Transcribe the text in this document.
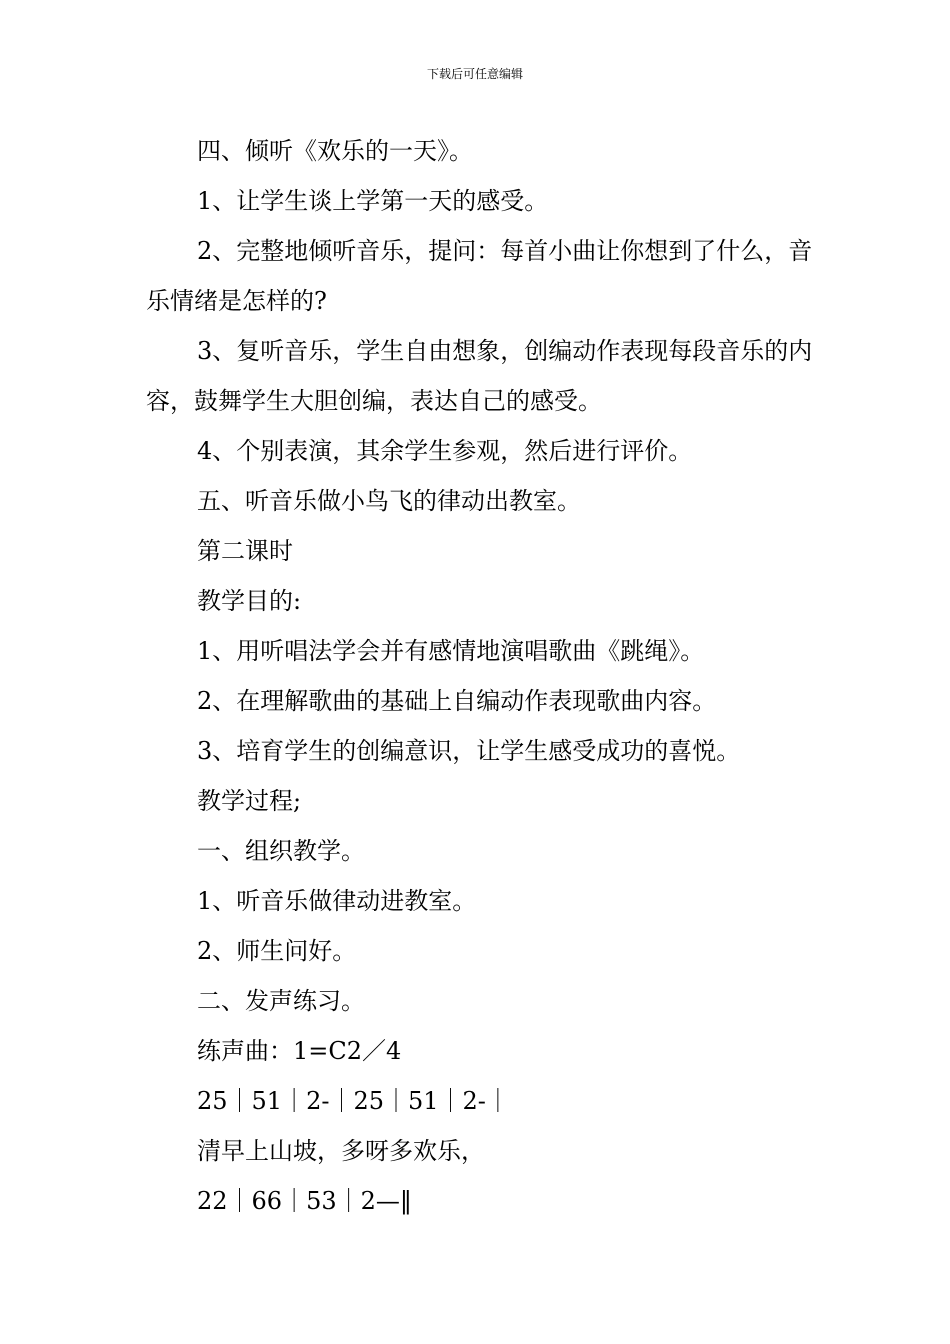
下载后可任意编辑

四、倾听《欢乐的一天》。

1、让学生谈上学第一天的感受。

2、完整地倾听音乐，提问：每首小曲让你想到了什么，音乐情绪是怎样的?

3、复听音乐，学生自由想象，创编动作表现每段音乐的内容，鼓舞学生大胆创编，表达自己的感受。

4、个别表演，其余学生参观，然后进行评价。

五、听音乐做小鸟飞的律动出教室。

第二课时

教学目的:

1、用听唱法学会并有感情地演唱歌曲《跳绳》。

2、在理解歌曲的基础上自编动作表现歌曲内容。

3、培育学生的创编意识，让学生感受成功的喜悦。

教学过程;

一、组织教学。

1、听音乐做律动进教室。

2、师生问好。

二、发声练习。

练声曲：1=C2／4

25｜51｜2-｜25｜51｜2-｜

清早上山坡，多呀多欢乐，

22｜66｜53｜2—‖
